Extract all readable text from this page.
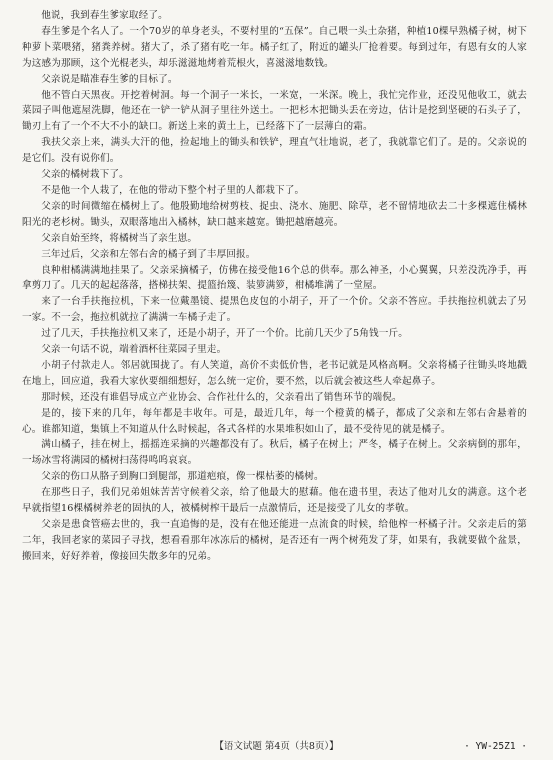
他说，我到春生爹家取经了。

春生爹是个名人了。一个70岁的单身老头，不要村里的“五保”。自己喂一头土杂猪，种植10棵早熟橘子树，树下种萝卜菜喂猪，猪粪养树。猪大了，杀了猪有吃一年。橘子红了，附近的罐头厂抢着要。每到过年，有恩有女的人家为这感为那顾，这个光棍老头，却乐滋滋地烤着荒根火，喜滋滋地数钱。

父亲说是瞄准春生爹的目标了。

他不管白天黑夜。开挖着树洞。每一个洞子一米长，一米宽，一米深。晚上，我忙完作业，还没见他收工，就去菜园子叫他遮屋洗脚，他还在一铲一铲从洞子里往外送土。一把杉木把锄头丢在旁边，估计是挖到坚硬的石头子了，锄刃上有了一个不大不小的缺口。新送上来的黄土上，已经落下了一层薄白的霜。

我扶父亲上来，满头大汗的他，捡起地上的锄头和铁铲，理直气壮地说，老了，我就靠它们了。是的。父亲说的是它们。没有说你们。

父亲的橘树栽下了。

不是他一个人栽了，在他的带动下整个村子里的人都栽下了。

父亲的时间微缩在橘树上了。他殷勤地给树剪枝、捉虫、浇水、施肥、除草，老不留情地砍去二十多棵遮住橘林阳光的老杉树。锄头，双眼落地出入橘林，缺口越来越宽。锄把越磨越亮。

父亲自始至终，将橘树当了亲生崽。

三年过后，父亲和左邻右舍的橘子到了丰厚回报。

良种柑橘满满地挂果了。父亲采摘橘子，仿佛在接受他16个总的供奉。那么神圣，小心翼翼，只差没洗净手，再拿剪刀了。几天的起起落落，搭梯扶架、提篮抬篾、装箩满箩，柑橘堆满了一堂屋。

来了一台手扶拖拉机，下来一位戴墨镜、提黑色皮包的小胡子，开了一个价。父亲不答应。手扶拖拉机就去了另一家。不一会，拖拉机就拉了满满一车橘子走了。

过了几天，手扶拖拉机又来了，还是小胡子，开了一个价。比前几天少了5角钱一斤。

父亲一句话不说，端着酒杯往菜园子里走。

小胡子付款走人。邻居就围拢了。有人笑道，高价不卖低价售，老书记就是风格高啊。父亲将橘子往锄头咚地戳在地上，回应道，我看大家伙要细细想好，怎么统一定价，要不然，以后就会被这些人牵起鼻子。

那时候，还没有谁倡导成立产业协会、合作社什么的，父亲看出了销售环节的端倪。

是的，接下来的几年，每年都是丰收年。可是，最近几年，每一个橙黄的橘子，都成了父亲和左邻右舍悬着的心。谁都知道，集镇上不知道从什么时候起，各式各样的水果堆积如山了，最不受待见的就是橘子。

满山橘子，挂在树上，摇摇连采摘的兴趣都没有了。秋后，橘子在树上；严冬，橘子在树上。父亲病倒的那年，一场冰雪将满园的橘树扫荡得鸣呜哀哀。

父亲的伤口从胳子到胸口到腿部，那道疤痕，像一棵枯萎的橘树。

在那些日子，我们兄弟姐妹苦苦守候着父亲，给了他最大的慰藉。他在遗书里，表达了他对儿女的满意。这个老早就指望16棵橘树养老的固执的人，被橘树榨干最后一点激情后，还是接受了儿女的孝敬。

父亲是患食管癌去世的，我一直追悔的是，没有在他还能进一点流食的时候，给他榨一杯橘子汁。父亲走后的第二年，我回老家的菜园子寻找，想看看那年冰冻后的橘树，是否还有一两个树苑发了芽，如果有，我就要做个盆景，搬回来，好好养着，像接回失散多年的兄弟。

【语文试题 第4页（共8页）】	· YW-25Z1 ·
